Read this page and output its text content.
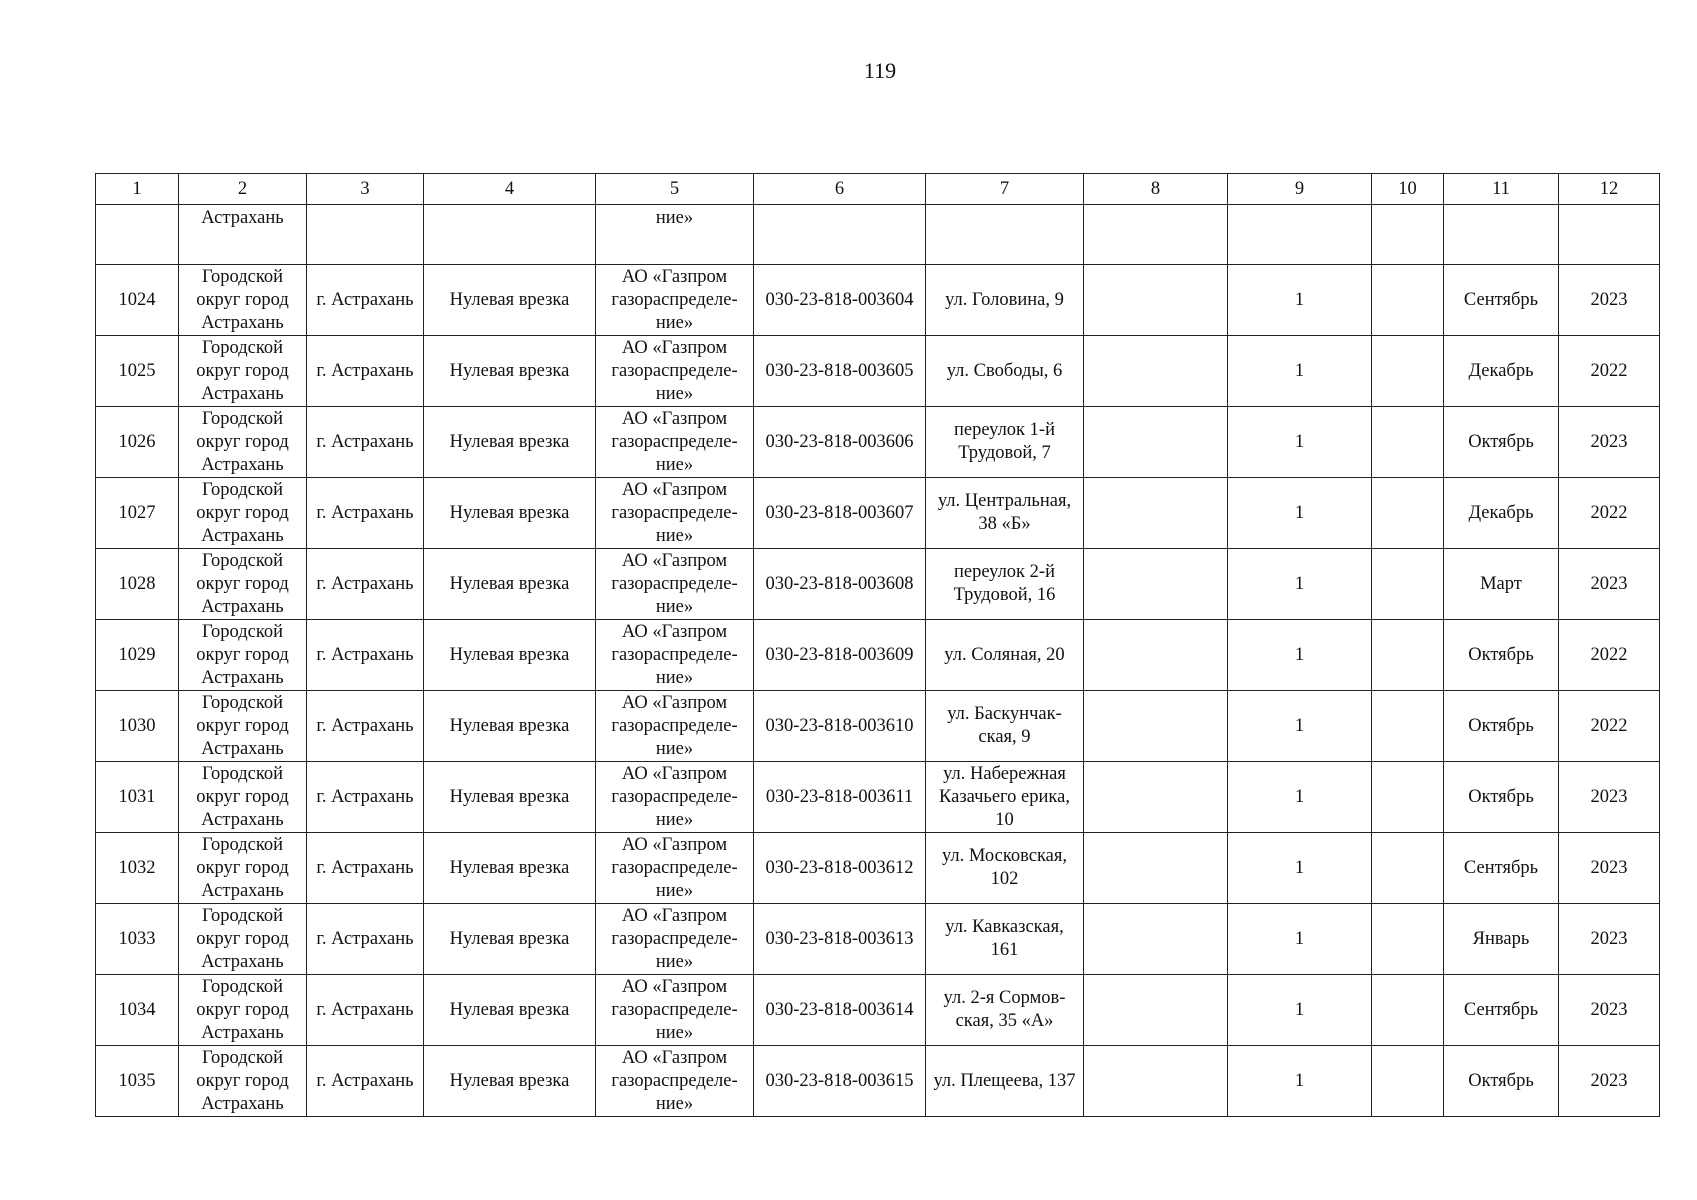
119
1	2	3	4	5	6	7	8	9	10	11	12
	Астрахань			ние»							
1024	Городской
округ город
Астрахань	г. Астрахань	Нулевая врезка	АО «Газпром
газораспределе-
ние»	030-23-818-003604	ул. Головина, 9		1		Сентябрь	2023
1025	Городской
округ город
Астрахань	г. Астрахань	Нулевая врезка	АО «Газпром
газораспределе-
ние»	030-23-818-003605	ул. Свободы, 6		1		Декабрь	2022
1026	Городской
округ город
Астрахань	г. Астрахань	Нулевая врезка	АО «Газпром
газораспределе-
ние»	030-23-818-003606	переулок 1-й
Трудовой, 7		1		Октябрь	2023
1027	Городской
округ город
Астрахань	г. Астрахань	Нулевая врезка	АО «Газпром
газораспределе-
ние»	030-23-818-003607	ул. Центральная,
38 «Б»		1		Декабрь	2022
1028	Городской
округ город
Астрахань	г. Астрахань	Нулевая врезка	АО «Газпром
газораспределе-
ние»	030-23-818-003608	переулок 2-й
Трудовой, 16		1		Март	2023
1029	Городской
округ город
Астрахань	г. Астрахань	Нулевая врезка	АО «Газпром
газораспределе-
ние»	030-23-818-003609	ул. Соляная, 20		1		Октябрь	2022
1030	Городской
округ город
Астрахань	г. Астрахань	Нулевая врезка	АО «Газпром
газораспределе-
ние»	030-23-818-003610	ул. Баскунчак-
ская, 9		1		Октябрь	2022
1031	Городской
округ город
Астрахань	г. Астрахань	Нулевая врезка	АО «Газпром
газораспределе-
ние»	030-23-818-003611	ул. Набережная
Казачьего ерика,
10		1		Октябрь	2023
1032	Городской
округ город
Астрахань	г. Астрахань	Нулевая врезка	АО «Газпром
газораспределе-
ние»	030-23-818-003612	ул. Московская,
102		1		Сентябрь	2023
1033	Городской
округ город
Астрахань	г. Астрахань	Нулевая врезка	АО «Газпром
газораспределе-
ние»	030-23-818-003613	ул. Кавказская,
161		1		Январь	2023
1034	Городской
округ город
Астрахань	г. Астрахань	Нулевая врезка	АО «Газпром
газораспределе-
ние»	030-23-818-003614	ул. 2-я Сормов-
ская, 35 «А»		1		Сентябрь	2023
1035	Городской
округ город
Астрахань	г. Астрахань	Нулевая врезка	АО «Газпром
газораспределе-
ние»	030-23-818-003615	ул. Плещеева, 137		1		Октябрь	2023
